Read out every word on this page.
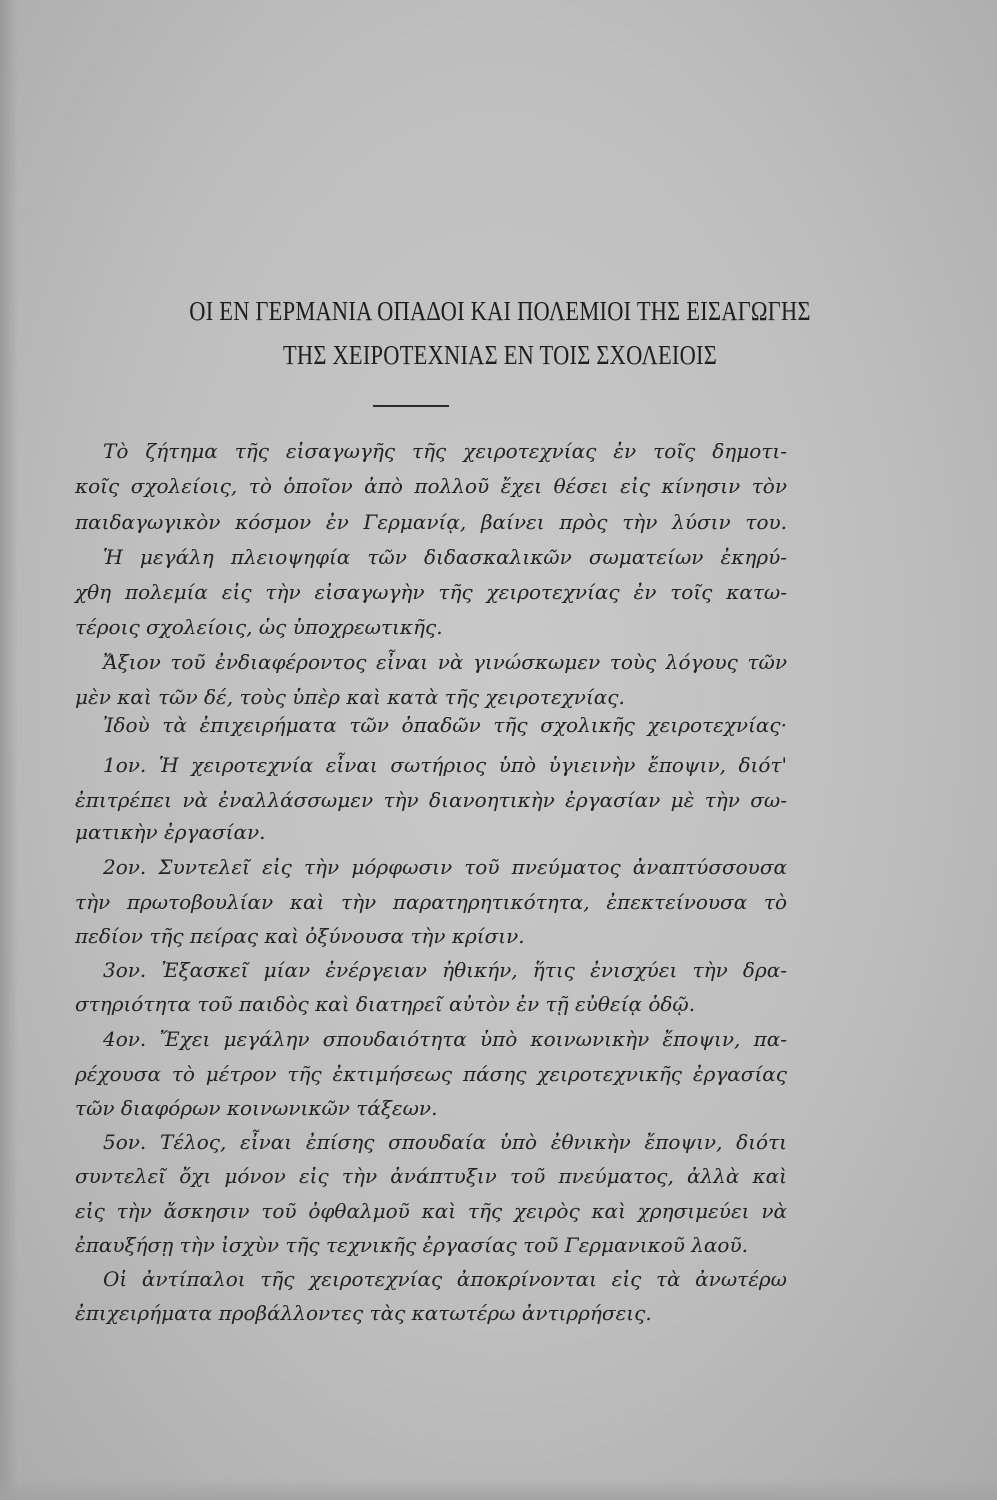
ΟΙ ΕΝ ΓΕΡΜΑΝΙΑ ΟΠΑΔΟΙ ΚΑΙ ΠΟΛΕΜΙΟΙ ΤΗΣ ΕΙΣΑΓΩΓΗΣ
ΤΗΣ ΧΕΙΡΟΤΕΧΝΙΑΣ ΕΝ ΤΟΙΣ ΣΧΟΛΕΙΟΙΣ
Τὸ ζήτημα τῆς εἰσαγωγῆς τῆς χειροτεχνίας ἐν τοῖς δημοτι-
κοῖς σχολείοις, τὸ ὁποῖον ἀπὸ πολλοῦ ἔχει θέσει εἰς κίνησιν τὸν
παιδαγωγικὸν κόσμον ἐν Γερμανίᾳ, βαίνει πρὸς τὴν λύσιν του.
Ἡ μεγάλη πλειοψηφία τῶν διδασκαλικῶν σωματείων ἐκηρύ-
χθη πολεμία εἰς τὴν εἰσαγωγὴν τῆς χειροτεχνίας ἐν τοῖς κατω-
τέροις σχολείοις, ὡς ὑποχρεωτικῆς.
Ἄξιον τοῦ ἐνδιαφέροντος εἶναι νὰ γινώσκωμεν τοὺς λόγους τῶν
μὲν καὶ τῶν δέ, τοὺς ὑπὲρ καὶ κατὰ τῆς χειροτεχνίας.
Ἰδοὺ τὰ ἐπιχειρήματα τῶν ὀπαδῶν τῆς σχολικῆς χειροτεχνίας·
1ον. Ἡ χειροτεχνία εἶναι σωτήριος ὑπὸ ὑγιεινὴν ἔποψιν, διότ'
ἐπιτρέπει νὰ ἐναλλάσσωμεν τὴν διανοητικὴν ἐργασίαν μὲ τὴν σω-
ματικὴν ἐργασίαν.
2ον. Συντελεῖ εἰς τὴν μόρφωσιν τοῦ πνεύματος ἀναπτύσσουσα
τὴν πρωτοβουλίαν καὶ τὴν παρατηρητικότητα, ἐπεκτείνουσα τὸ
πεδίον τῆς πείρας καὶ ὀξύνουσα τὴν κρίσιν.
3ον. Ἐξασκεῖ μίαν ἐνέργειαν ἠθικήν, ἥτις ἐνισχύει τὴν δρα-
στηριότητα τοῦ παιδὸς καὶ διατηρεῖ αὐτὸν ἐν τῇ εὐθείᾳ ὁδῷ.
4ον. Ἔχει μεγάλην σπουδαιότητα ὑπὸ κοινωνικὴν ἔποψιν, πα-
ρέχουσα τὸ μέτρον τῆς ἐκτιμήσεως πάσης χειροτεχνικῆς ἐργασίας
τῶν διαφόρων κοινωνικῶν τάξεων.
5ον. Τέλος, εἶναι ἐπίσης σπουδαία ὑπὸ ἐθνικὴν ἔποψιν, διότι
συντελεῖ ὄχι μόνον εἰς τὴν ἀνάπτυξιν τοῦ πνεύματος, ἀλλὰ καὶ
εἰς τὴν ἄσκησιν τοῦ ὀφθαλμοῦ καὶ τῆς χειρὸς καὶ χρησιμεύει νὰ
ἐπαυξήσῃ τὴν ἰσχὺν τῆς τεχνικῆς ἐργασίας τοῦ Γερμανικοῦ λαοῦ.
Οἱ ἀντίπαλοι τῆς χειροτεχνίας ἀποκρίνονται εἰς τὰ ἀνωτέρω
ἐπιχειρήματα προβάλλοντες τὰς κατωτέρω ἀντιρρήσεις.
